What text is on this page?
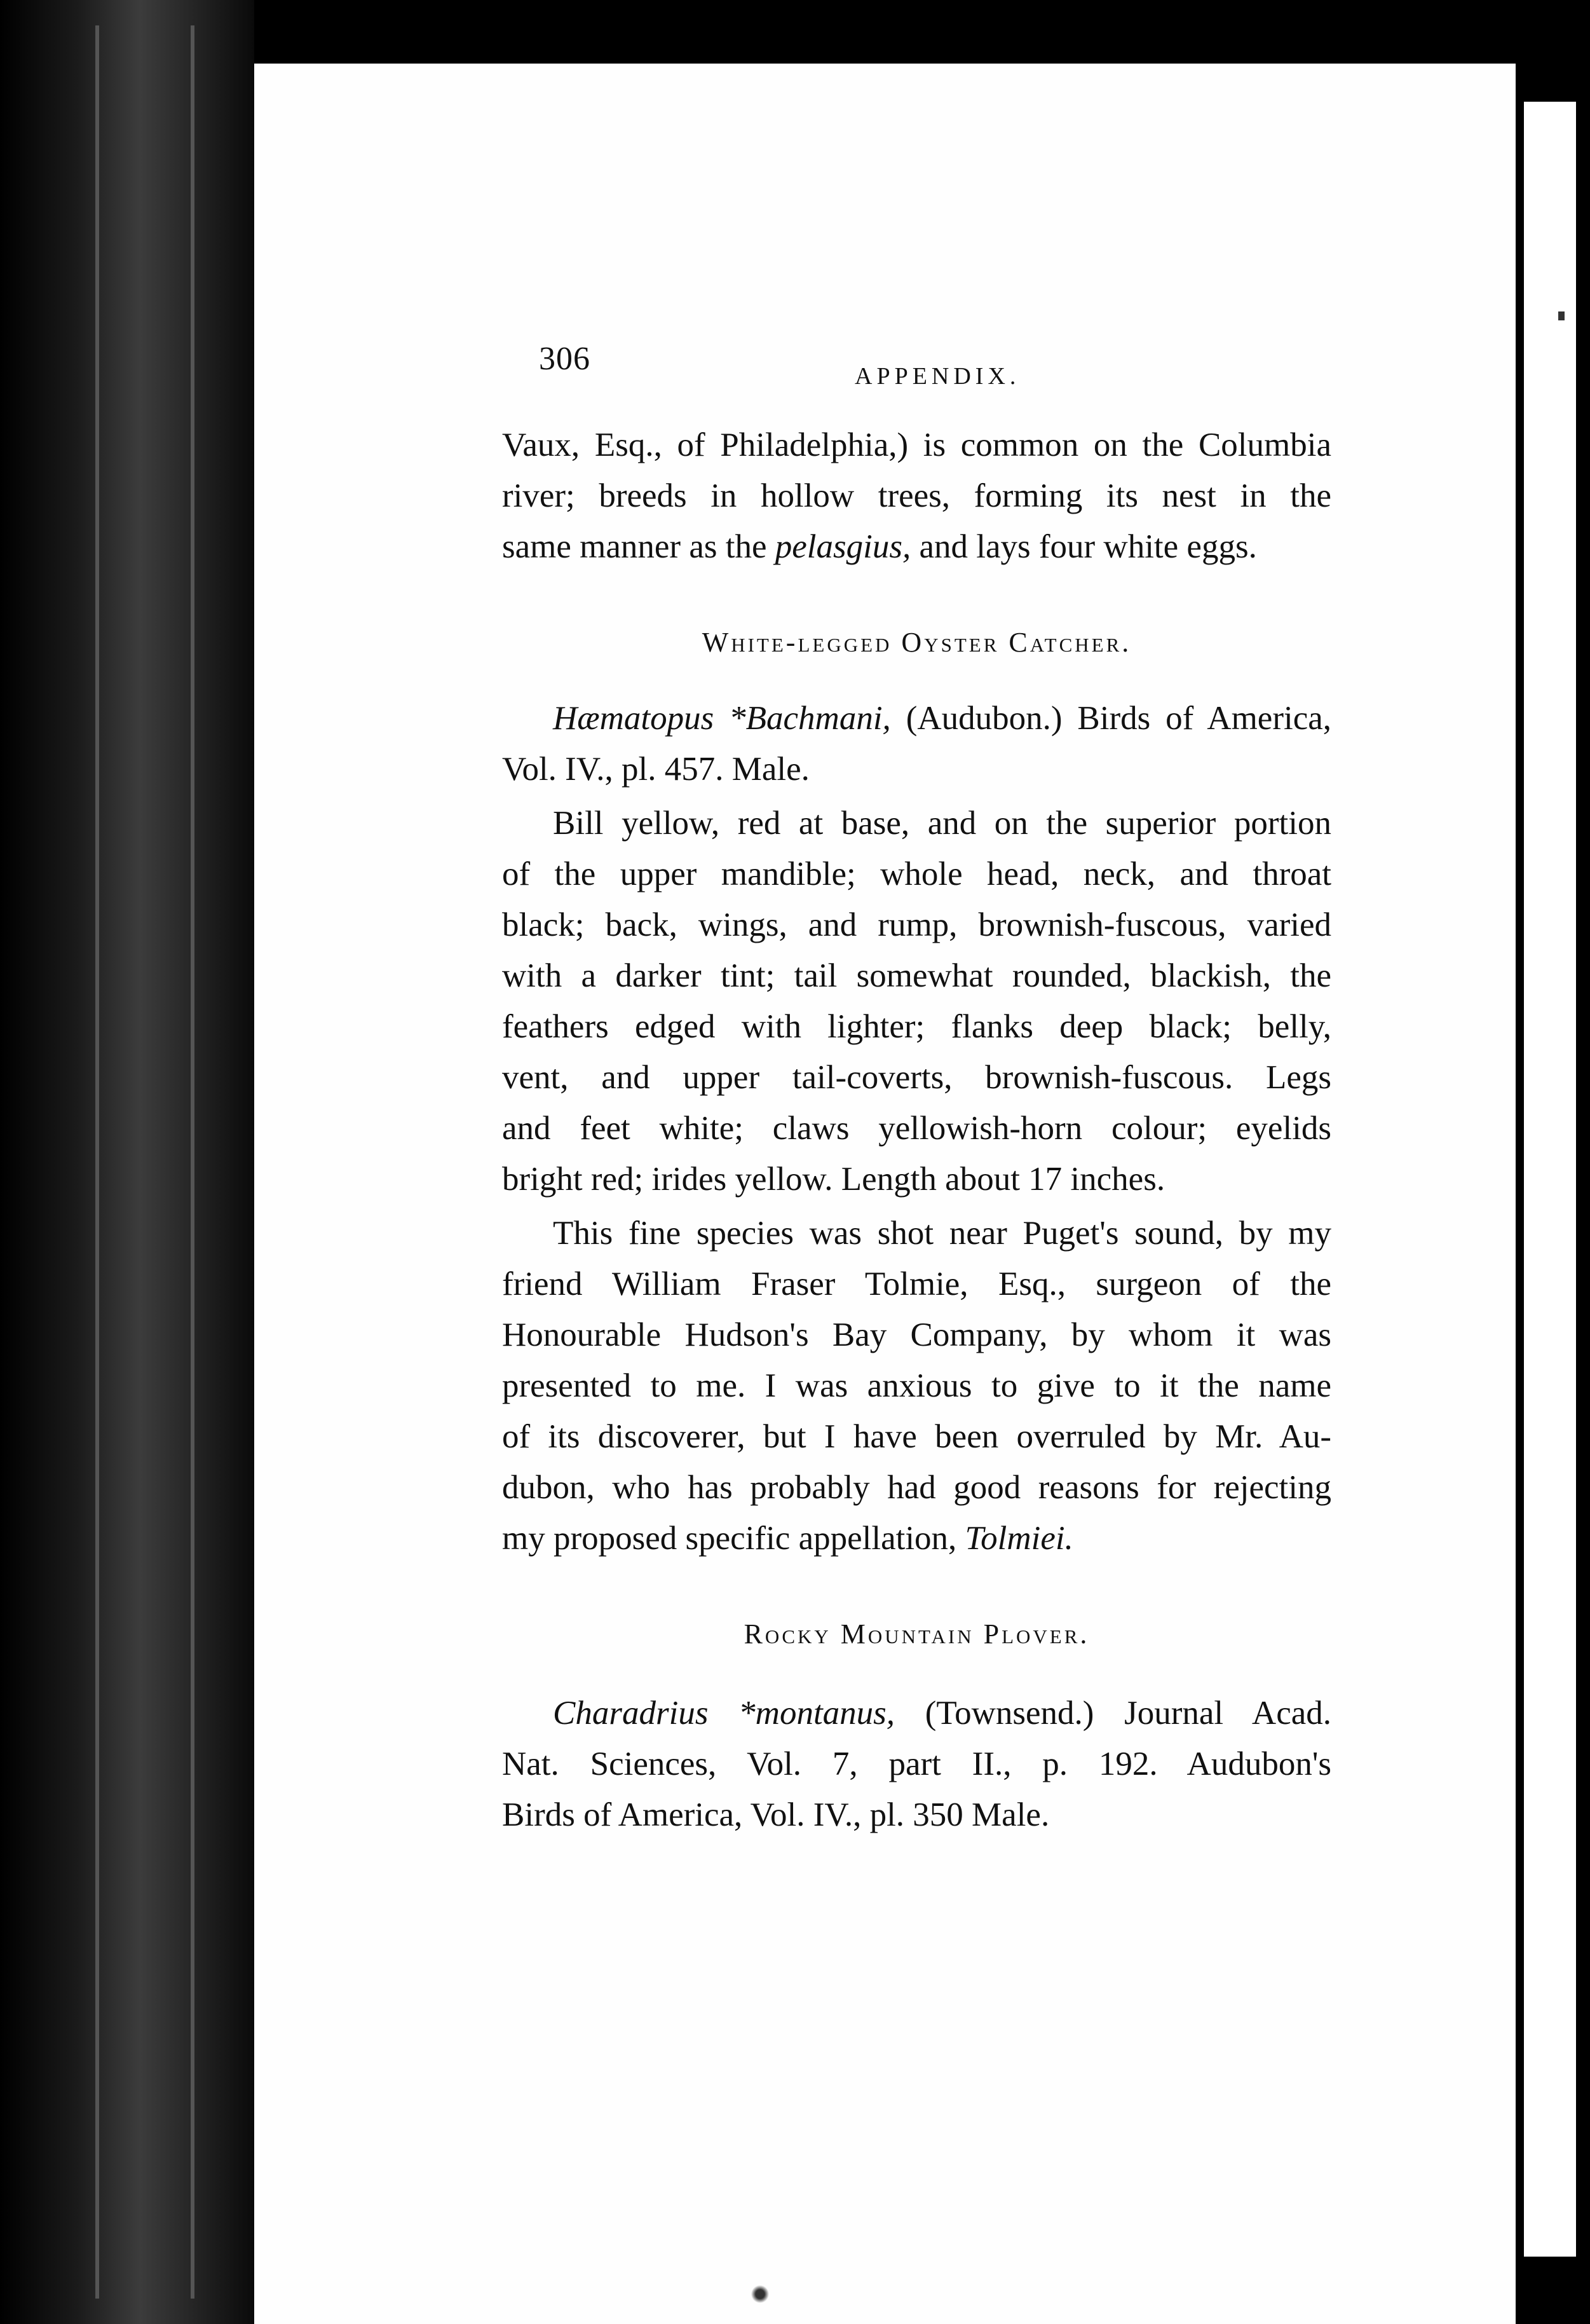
306	APPENDIX.
Vaux, Esq., of Philadelphia,) is common on the Columbia
river; breeds in hollow trees, forming its nest in the
same manner as the pelasgius, and lays four white eggs.
White-legged Oyster Catcher.
Hæmatopus *Bachmani, (Audubon.) Birds of America,
Vol. IV., pl. 457. Male.
Bill yellow, red at base, and on the superior portion
of the upper mandible; whole head, neck, and throat
black; back, wings, and rump, brownish-fuscous, varied
with a darker tint; tail somewhat rounded, blackish, the
feathers edged with lighter; flanks deep black; belly,
vent, and upper tail-coverts, brownish-fuscous. Legs
and feet white; claws yellowish-horn colour; eyelids
bright red; irides yellow. Length about 17 inches.
This fine species was shot near Puget's sound, by my
friend William Fraser Tolmie, Esq., surgeon of the
Honourable Hudson's Bay Company, by whom it was
presented to me. I was anxious to give to it the name
of its discoverer, but I have been overruled by Mr. Au-
dubon, who has probably had good reasons for rejecting
my proposed specific appellation, Tolmiei.
Rocky Mountain Plover.
Charadrius *montanus, (Townsend.) Journal Acad.
Nat. Sciences, Vol. 7, part II., p. 192. Audubon's
Birds of America, Vol. IV., pl. 350 Male.
